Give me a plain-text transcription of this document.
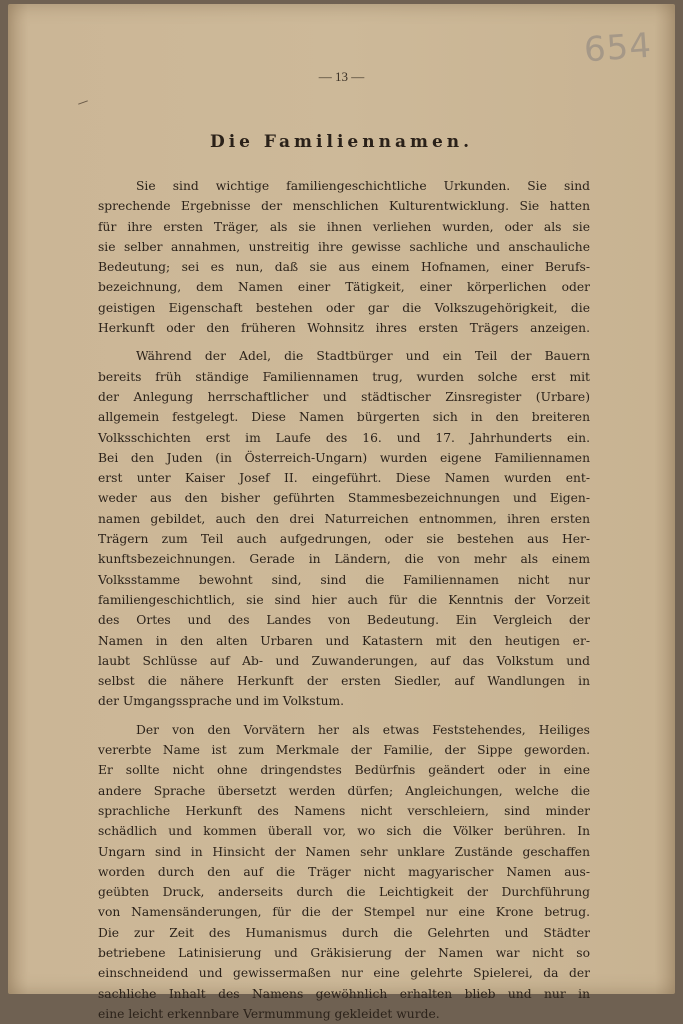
654
— 13 —
Die Familiennamen.
Sie sind wichtige familiengeschichtliche Urkunden. Sie sind
sprechende Ergebnisse der menschlichen Kulturentwicklung. Sie hatten
für ihre ersten Träger, als sie ihnen verliehen wurden, oder als sie
sie selber annahmen, unstreitig ihre gewisse sachliche und anschauliche
Bedeutung; sei es nun, daß sie aus einem Hofnamen, einer Berufs-
bezeichnung, dem Namen einer Tätigkeit, einer körperlichen oder
geistigen Eigenschaft bestehen oder gar die Volkszugehörigkeit, die
Herkunft oder den früheren Wohnsitz ihres ersten Trägers anzeigen.
Während der Adel, die Stadtbürger und ein Teil der Bauern
bereits früh ständige Familiennamen trug, wurden solche erst mit
der Anlegung herrschaftlicher und städtischer Zinsregister (Urbare)
allgemein festgelegt. Diese Namen bürgerten sich in den breiteren
Volksschichten erst im Laufe des 16. und 17. Jahrhunderts ein.
Bei den Juden (in Österreich-Ungarn) wurden eigene Familiennamen
erst unter Kaiser Josef II. eingeführt. Diese Namen wurden ent-
weder aus den bisher geführten Stammesbezeichnungen und Eigen-
namen gebildet, auch den drei Naturreichen entnommen, ihren ersten
Trägern zum Teil auch aufgedrungen, oder sie bestehen aus Her-
kunftsbezeichnungen. Gerade in Ländern, die von mehr als einem
Volksstamme bewohnt sind, sind die Familiennamen nicht nur
familiengeschichtlich, sie sind hier auch für die Kenntnis der Vorzeit
des Ortes und des Landes von Bedeutung. Ein Vergleich der
Namen in den alten Urbaren und Katastern mit den heutigen er-
laubt Schlüsse auf Ab- und Zuwanderungen, auf das Volkstum und
selbst die nähere Herkunft der ersten Siedler, auf Wandlungen in
der Umgangssprache und im Volkstum.
Der von den Vorvätern her als etwas Feststehendes, Heiliges
vererbte Name ist zum Merkmale der Familie, der Sippe geworden.
Er sollte nicht ohne dringendstes Bedürfnis geändert oder in eine
andere Sprache übersetzt werden dürfen; Angleichungen, welche die
sprachliche Herkunft des Namens nicht verschleiern, sind minder
schädlich und kommen überall vor, wo sich die Völker berühren. In
Ungarn sind in Hinsicht der Namen sehr unklare Zustände geschaffen
worden durch den auf die Träger nicht magyarischer Namen aus-
geübten Druck, anderseits durch die Leichtigkeit der Durchführung
von Namensänderungen, für die der Stempel nur eine Krone betrug.
Die zur Zeit des Humanismus durch die Gelehrten und Städter
betriebene Latinisierung und Gräkisierung der Namen war nicht so
einschneidend und gewissermaßen nur eine gelehrte Spielerei, da der
sachliche Inhalt des Namens gewöhnlich erhalten blieb und nur in
eine leicht erkennbare Vermummung gekleidet wurde.
